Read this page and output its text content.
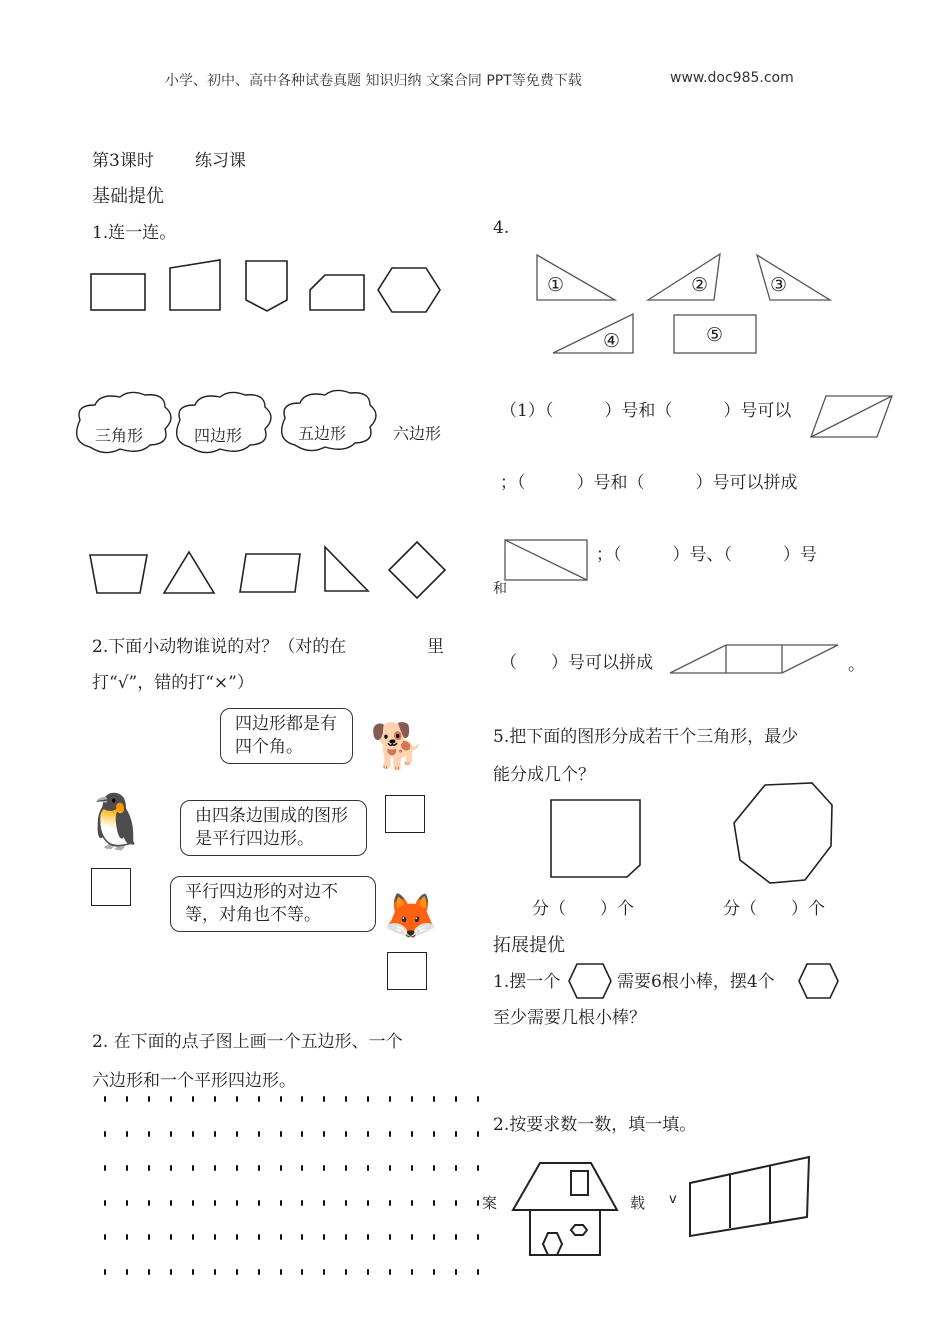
小学、初中、高中各种试卷真题 知识归纳 文案合同 PPT等免费下载	www.doc985.com
第3课时 练习课
基础提优
1.连一连。
三角形	四边形	五边形	六边形
2.下面小动物谁说的对？（对的在	里
打“√”，错的打“×”）
四边形都是有四个角。
由四条边围成的图形是平行四边形。
平行四边形的对边不等，对角也不等。
🐕
🐧
🦊
2. 在下面的点子图上画一个五边形、一个
六边形和一个平形四边形。
4.
①	②	③
④	⑤
（1）（　　　）号和（　　　）号可以
；（　　　）号和（　　　）号可以拼成
；（　　　）号、（　　　）号
和
（　　）号可以拼成	。
5.把下面的图形分成若干个三角形，最少
能分成几个？
分（　　）个	分（　　）个
拓展提优
1.摆一个	需要6根小棒，摆4个
至少需要几根小棒？
2.按要求数一数，填一填。
案	载 v
